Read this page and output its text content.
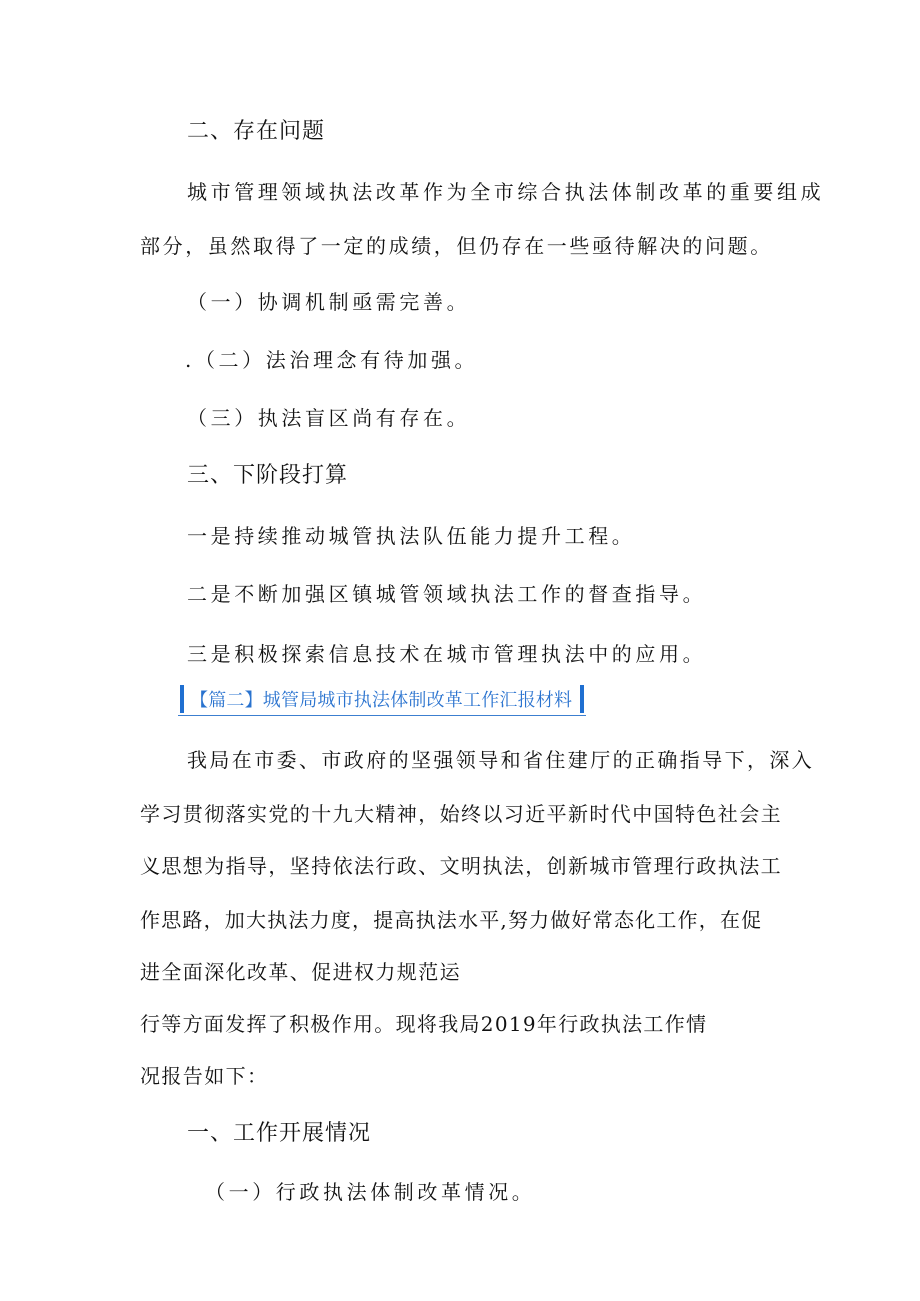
二、存在问题
城市管理领域执法改革作为全市综合执法体制改革的重要组成
部分，虽然取得了一定的成绩，但仍存在一些亟待解决的问题。
（一）协调机制亟需完善。
.（二）法治理念有待加强。
（三）执法盲区尚有存在。
三、下阶段打算
一是持续推动城管执法队伍能力提升工程。
二是不断加强区镇城管领域执法工作的督查指导。
三是积极探索信息技术在城市管理执法中的应用。
【篇二】城管局城市执法体制改革工作汇报材料
我局在市委、市政府的坚强领导和省住建厅的正确指导下，深入
学习贯彻落实党的十九大精神，始终以习近平新时代中国特色社会主
义思想为指导，坚持依法行政、文明执法，创新城市管理行政执法工
作思路，加大执法力度，提高执法水平,努力做好常态化工作，在促
进全面深化改革、促进权力规范运
行等方面发挥了积极作用。现将我局2019年行政执法工作情
况报告如下：
一、工作开展情况
（一）行政执法体制改革情况。
